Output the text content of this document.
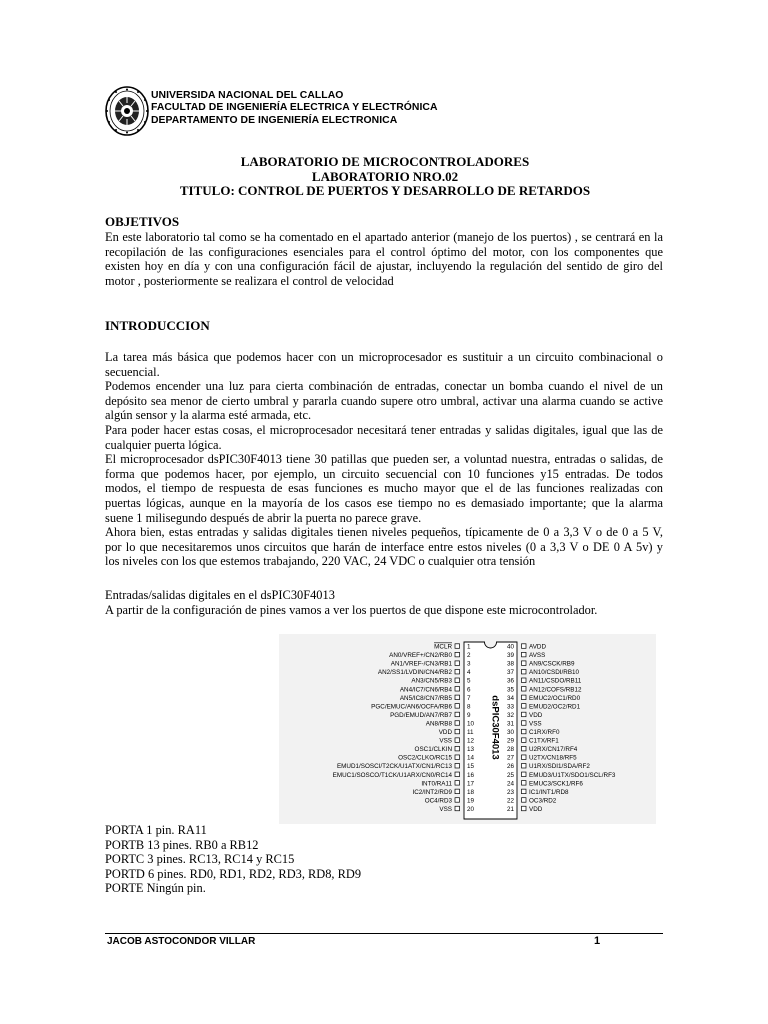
UNIVERSIDA NACIONAL DEL CALLAO
FACULTAD DE INGENIERÍA ELECTRICA Y ELECTRÓNICA
DEPARTAMENTO DE INGENIERÍA ELECTRONICA
LABORATORIO DE MICROCONTROLADORES
LABORATORIO NRO.02
TITULO: CONTROL DE PUERTOS Y DESARROLLO DE RETARDOS
OBJETIVOS
En este laboratorio tal como se ha comentado en el apartado anterior (manejo de los puertos) , se centrará en la
recopilación de las configuraciones esenciales para el control óptimo del motor, con los componentes que
existen hoy en día y con una configuración fácil de ajustar, incluyendo la regulación del sentido de giro del
motor , posteriormente se realizara el control de velocidad
INTRODUCCION
La tarea más básica que podemos hacer con un microprocesador es sustituir a un circuito combinacional o
secuencial.
Podemos encender una luz para cierta combinación de entradas, conectar un bomba cuando el nivel de un
depósito sea menor de cierto umbral y pararla cuando supere otro umbral, activar una alarma cuando se active
algún sensor y la alarma esté armada, etc.
Para poder hacer estas cosas, el microprocesador necesitará tener entradas y salidas digitales, igual que las de
cualquier puerta lógica.
El microprocesador dsPIC30F4013 tiene 30 patillas que pueden ser, a voluntad nuestra, entradas o salidas, de
forma que podemos hacer, por ejemplo, un circuito secuencial con 10 funciones y15 entradas. De todos
modos, el tiempo de respuesta de esas funciones es mucho mayor que el de las funciones realizadas con
puertas lógicas, aunque en la mayoría de los casos ese tiempo no es demasiado importante; que la alarma
suene 1 milisegundo después de abrir la puerta no parece grave.
Ahora bien, estas entradas y salidas digitales tienen niveles pequeños, típicamente de 0 a 3,3 V o de 0 a 5 V,
por lo que necesitaremos unos circuitos que harán de interface entre estos niveles (0 a 3,3 V o DE 0 A 5v) y
los niveles con los que estemos trabajando, 220 VAC, 24 VDC o cualquier otra tensión
Entradas/salidas digitales en el dsPIC30F4013
A partir de la configuración de pines vamos a ver los puertos de que dispone este microcontrolador.
dsPIC30F4013
MCLR 1
AN0/VREF+/CN2/RB0 2
AN1/VREF-/CN3/RB1 3
AN2/SS1/LVDIN/CN4/RB2 4
AN3/CN5/RB3 5
AN4/IC7/CN6/RB4 6
AN5/IC8/CN7/RB5 7
PGC/EMUC/AN6/OCFA/RB6 8
PGD/EMUD/AN7/RB7 9
AN8/RB8 10
VDD 11
VSS 12
OSC1/CLKIN 13
OSC2/CLKO/RC15 14
EMUD1/SOSCI/T2CK/U1ATX/CN1/RC13 15
EMUC1/SOSCO/T1CK/U1ARX/CN0/RC14 16
INT0/RA11 17
IC2/INT2/RD9 18
OC4/RD3 19
VSS 20
AVDD
40
AVSS
39
AN9/CSCK/RB9
38
AN10/CSDI/RB10
37
AN11/CSDO/RB11
36
AN12/COFS/RB12
35
EMUC2/OC1/RD0
34
EMUD2/OC2/RD1
33
VDD
32
VSS
31
C1RX/RF0
30
C1TX/RF1
29
U2RX/CN17/RF4
28
U2TX/CN18/RF5
27
U1RX/SDI1/SDA/RF2
26
EMUD3/U1TX/SDO1/SCL/RF3
25
EMUC3/SCK1/RF6
24
IC1/INT1/RD8
23
OC3/RD2
22
VDD
21
PORTA 1 pin. RA11
PORTB 13 pines. RB0 a RB12
PORTC 3 pines. RC13, RC14 y RC15
PORTD 6 pines. RD0, RD1, RD2, RD3, RD8, RD9
PORTE Ningún pin.
JACOB ASTOCONDOR VILLAR	1
